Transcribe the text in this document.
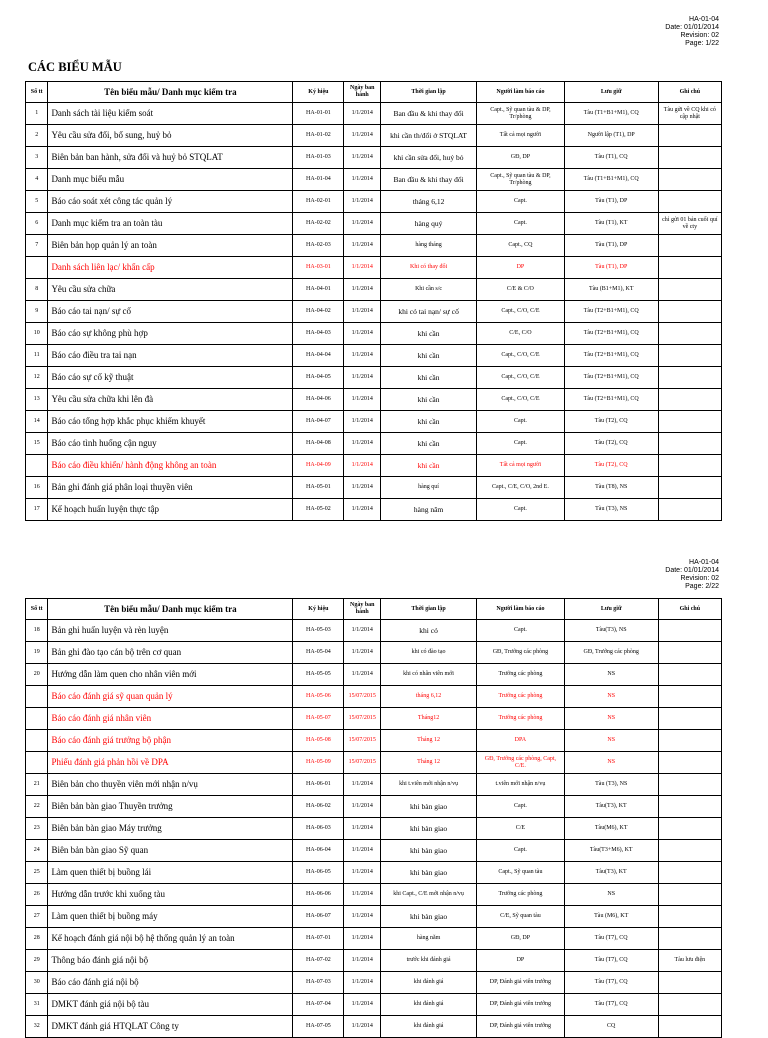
HA-01-04
Date: 01/01/2014
Revision: 02
Page: 1/22
CÁC BIỂU MẪU
Số tt	Tên biểu mẫu/ Danh mục kiểm tra	Ký hiệu	Ngày ban hành	Thời gian lập	Người làm báo cáo	Lưu giữ	Ghi chú
1	Danh sách tài liệu kiểm soát	HA-01-01	1/1/2014	Ban đầu & khi thay đổi	Capt., Sỹ quan tàu & DP, Tr/phòng	Tàu (T1+B1+M1), CQ	Tàu gửi về CQ khi có cập nhật
2	Yêu cầu sửa đổi, bổ sung, huỷ bỏ	HA-01-02	1/1/2014	khi cần th/đổi ở STQLAT	Tất cả mọi người	Người lập (T1), DP	
3	Biên bản ban hành, sửa đổi và huỷ bỏ STQLAT	HA-01-03	1/1/2014	khi cần sửa đổi, huỷ bỏ	GĐ, DP	Tàu (T1), CQ	
4	Danh mục biểu mẫu	HA-01-04	1/1/2014	Ban đầu & khi thay đổi	Capt., Sỹ quan tàu & DP, Tr/phòng	Tàu (T1+B1+M1), CQ	
5	Báo cáo soát xét công tác quản lý	HA-02-01	1/1/2014	tháng 6,12	Capt.	Tàu (T1), DP	
6	Danh mục kiểm tra an toàn tàu	HA-02-02	1/1/2014	hàng quý	Capt.	Tàu (T1), KT	chỉ gửi 01 bản cuối quí về cty
7	Biên bản họp quản lý an toàn	HA-02-03	1/1/2014	hàng tháng	Capt., CQ	Tàu (T1), DP	
	Danh sách liên lạc/ khẩn cấp	HA-03-01	1/1/2014	Khi có thay đổi	DP	Tàu (T1), DP	
8	Yêu cầu sửa chữa	HA-04-01	1/1/2014	Khi cần s/c	C/E & C/O	Tàu (B1+M1), KT	
9	Báo cáo tai nạn/ sự cố	HA-04-02	1/1/2014	khi có tai nạn/ sự cố	Capt., C/O, C/E	Tàu (T2+B1+M1), CQ	
10	Báo cáo sự không phù hợp	HA-04-03	1/1/2014	khi cần	C/E, C/O	Tàu (T2+B1+M1), CQ	
11	Báo cáo điều tra tai nạn	HA-04-04	1/1/2014	khi cần	Capt., C/O, C/E	Tàu (T2+B1+M1), CQ	
12	Báo cáo sự cố kỹ thuật	HA-04-05	1/1/2014	khi cần	Capt., C/O, C/E	Tàu (T2+B1+M1), CQ	
13	Yêu cầu sửa chữa khi lên đà	HA-04-06	1/1/2014	khi cần	Capt., C/O, C/E	Tàu (T2+B1+M1), CQ	
14	Báo cáo tổng hợp khắc phục khiếm khuyết	HA-04-07	1/1/2014	khi cần	Capt.	Tàu (T2), CQ	
15	Báo cáo tình huống cận nguy	HA-04-08	1/1/2014	khi cần	Capt.	Tàu (T2), CQ	
	Báo cáo điều khiển/ hành động không an toàn	HA-04-09	1/1/2014	khi cần	Tất cả mọi người	Tàu (T2), CQ	
16	Bản ghi đánh giá phân loại thuyền viên	HA-05-01	1/1/2014	hàng quí	Capt., C/E, C/O, 2nd E.	Tàu (T8), NS	
17	Kế hoạch huấn luyện thực tập	HA-05-02	1/1/2014	hàng năm	Capt.	Tàu (T3), NS	
HA-01-04
Date: 01/01/2014
Revision: 02
Page: 2/22
Số tt	Tên biểu mẫu/ Danh mục kiểm tra	Ký hiệu	Ngày ban hành	Thời gian lập	Người làm báo cáo	Lưu giữ	Ghi chú
18	Bản ghi huấn luyện và rèn luyện	HA-05-03	1/1/2014	khi có	Capt.	Tàu(T3), NS	
19	Bản ghi đào tạo cán bộ trên cơ quan	HA-05-04	1/1/2014	khi có đào tạo	GĐ, Trưởng các phòng	GĐ, Trưởng các phòng	
20	Hướng dẫn làm quen cho nhân viên mới	HA-05-05	1/1/2014	khi có nhân viên mới	Trưởng các phòng	NS	
	Báo cáo đánh giá sỹ quan quản lý	HA-05-06	15/07/2015	tháng 6,12	Trưởng các phòng	NS	
	Báo cáo đánh giá nhân viên	HA-05-07	15/07/2015	Tháng12	Trưởng các phòng	NS	
	Báo cáo đánh giá trưởng bộ phận	HA-05-08	15/07/2015	Tháng 12	DPA	NS	
	Phiếu đánh giá phản hồi về DPA	HA-05-09	15/07/2015	Tháng 12	GĐ, Trưởng các phòng, Capt, C/E.	NS	
21	Biên bản cho thuyền viên mới nhận n/vụ	HA-06-01	1/1/2014	khi t.viên mới nhận n/vụ	t.viên mới nhận n/vụ	Tàu (T3), NS	
22	Biên bản bàn giao Thuyền trưởng	HA-06-02	1/1/2014	khi bàn giao	Capt.	Tàu(T3), KT	
23	Biên bản bàn giao Máy trưởng	HA-06-03	1/1/2014	khi bàn giao	C/E	Tàu(M6), KT	
24	Biên bản bàn giao Sỹ quan	HA-06-04	1/1/2014	khi bàn giao	Capt.	Tàu(T3+M6), KT	
25	Làm quen thiết bị buồng lái	HA-06-05	1/1/2014	khi bàn giao	Capt., Sỹ quan tàu	Tàu(T3), KT	
26	Hướng dẫn trước khi xuống tàu	HA-06-06	1/1/2014	khi Capt., C/E mới nhận n/vụ	Trưởng các phòng	NS	
27	Làm quen thiết bị buồng máy	HA-06-07	1/1/2014	khi bàn giao	C/E, Sỹ quan tàu	Tàu (M6), KT	
28	Kế hoạch đánh giá nội bộ hệ thống quản lý an toàn	HA-07-01	1/1/2014	hàng năm	GĐ, DP	Tàu (T7), CQ	
29	Thông báo đánh giá nội bộ	HA-07-02	1/1/2014	trước khi đánh giá	DP	Tàu (T7), CQ	Tàu lưu điện
30	Báo cáo đánh giá nội bộ	HA-07-03	1/1/2014	khi đánh giá	DP, Đánh giá viên trưởng	Tàu (T7), CQ	
31	DMKT đánh giá nội bộ tàu	HA-07-04	1/1/2014	khi đánh giá	DP, Đánh giá viên trưởng	Tàu (T7), CQ	
32	DMKT đánh giá HTQLAT Công ty	HA-07-05	1/1/2014	khi đánh giá	DP, Đánh giá viên trưởng	CQ	
